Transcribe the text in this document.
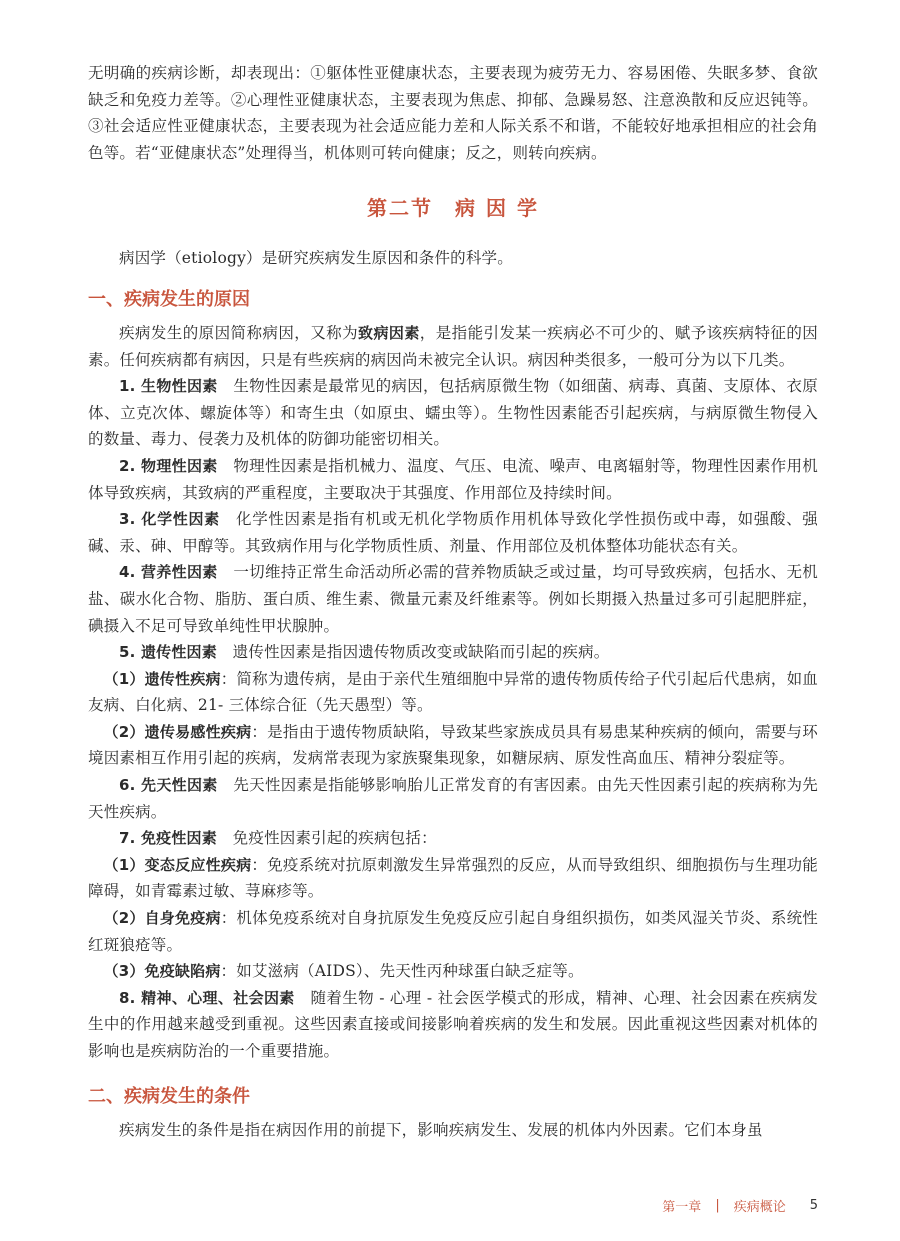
无明确的疾病诊断，却表现出：①躯体性亚健康状态，主要表现为疲劳无力、容易困倦、失眠多梦、食欲缺乏和免疫力差等。②心理性亚健康状态，主要表现为焦虑、抑郁、急躁易怒、注意涣散和反应迟钝等。③社会适应性亚健康状态，主要表现为社会适应能力差和人际关系不和谐，不能较好地承担相应的社会角色等。若“亚健康状态”处理得当，机体则可转向健康；反之，则转向疾病。

第二节　病 因 学

病因学（etiology）是研究疾病发生原因和条件的科学。

一、疾病发生的原因

疾病发生的原因简称病因，又称为致病因素，是指能引发某一疾病必不可少的、赋予该疾病特征的因素。任何疾病都有病因，只是有些疾病的病因尚未被完全认识。病因种类很多，一般可分为以下几类。

1. 生物性因素　生物性因素是最常见的病因，包括病原微生物（如细菌、病毒、真菌、支原体、衣原体、立克次体、螺旋体等）和寄生虫（如原虫、蠕虫等）。生物性因素能否引起疾病，与病原微生物侵入的数量、毒力、侵袭力及机体的防御功能密切相关。

2. 物理性因素　物理性因素是指机械力、温度、气压、电流、噪声、电离辐射等，物理性因素作用机体导致疾病，其致病的严重程度，主要取决于其强度、作用部位及持续时间。

3. 化学性因素　化学性因素是指有机或无机化学物质作用机体导致化学性损伤或中毒，如强酸、强碱、汞、砷、甲醇等。其致病作用与化学物质性质、剂量、作用部位及机体整体功能状态有关。

4. 营养性因素　一切维持正常生命活动所必需的营养物质缺乏或过量，均可导致疾病，包括水、无机盐、碳水化合物、脂肪、蛋白质、维生素、微量元素及纤维素等。例如长期摄入热量过多可引起肥胖症，碘摄入不足可导致单纯性甲状腺肿。

5. 遗传性因素　遗传性因素是指因遗传物质改变或缺陷而引起的疾病。

（1）遗传性疾病：简称为遗传病，是由于亲代生殖细胞中异常的遗传物质传给子代引起后代患病，如血友病、白化病、21- 三体综合征（先天愚型）等。

（2）遗传易感性疾病：是指由于遗传物质缺陷，导致某些家族成员具有易患某种疾病的倾向，需要与环境因素相互作用引起的疾病，发病常表现为家族聚集现象，如糖尿病、原发性高血压、精神分裂症等。

6. 先天性因素　先天性因素是指能够影响胎儿正常发育的有害因素。由先天性因素引起的疾病称为先天性疾病。

7. 免疫性因素　免疫性因素引起的疾病包括：

（1）变态反应性疾病：免疫系统对抗原刺激发生异常强烈的反应，从而导致组织、细胞损伤与生理功能障碍，如青霉素过敏、荨麻疹等。

（2）自身免疫病：机体免疫系统对自身抗原发生免疫反应引起自身组织损伤，如类风湿关节炎、系统性红斑狼疮等。

（3）免疫缺陷病：如艾滋病（AIDS）、先天性丙种球蛋白缺乏症等。

8. 精神、心理、社会因素　随着生物 - 心理 - 社会医学模式的形成，精神、心理、社会因素在疾病发生中的作用越来越受到重视。这些因素直接或间接影响着疾病的发生和发展。因此重视这些因素对机体的影响也是疾病防治的一个重要措施。

二、疾病发生的条件

疾病发生的条件是指在病因作用的前提下，影响疾病发生、发展的机体内外因素。它们本身虽

第一章 | 疾病概论 5
